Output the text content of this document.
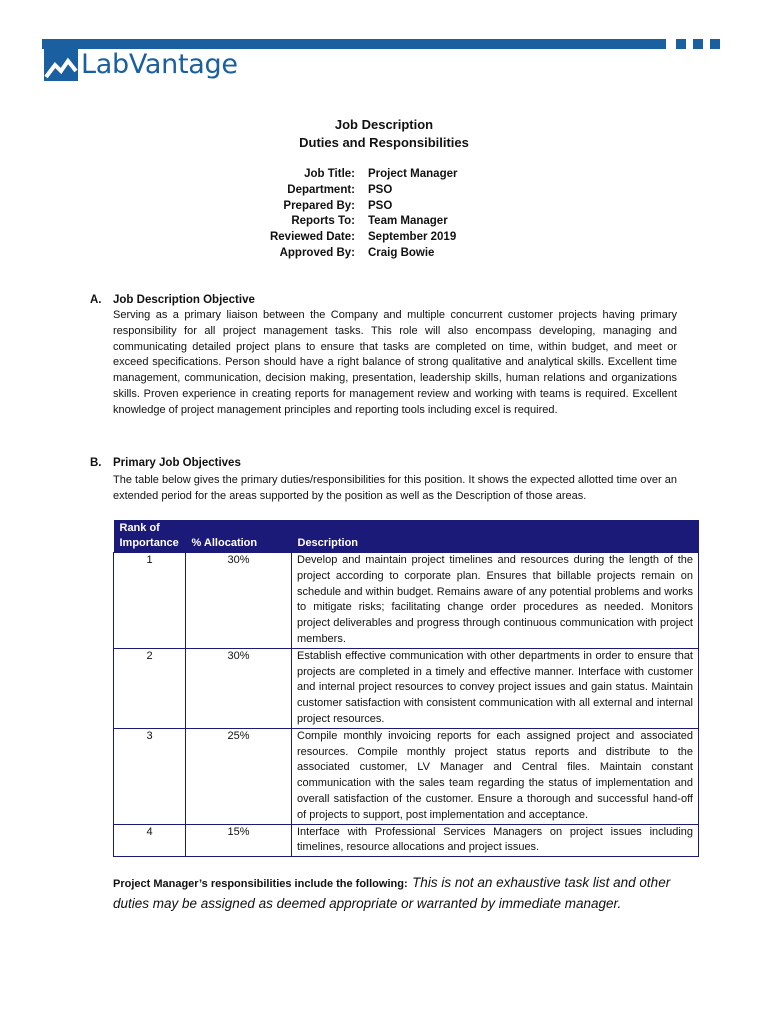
LabVantage
Job Description
Duties and Responsibilities
Job Title: Project Manager
Department: PSO
Prepared By: PSO
Reports To: Team Manager
Reviewed Date: September 2019
Approved By: Craig Bowie
A. Job Description Objective
Serving as a primary liaison between the Company and multiple concurrent customer projects having primary responsibility for all project management tasks. This role will also encompass developing, managing and communicating detailed project plans to ensure that tasks are completed on time, within budget, and meet or exceed specifications. Person should have a right balance of strong qualitative and analytical skills. Excellent time management, communication, decision making, presentation, leadership skills, human relations and organizations skills. Proven experience in creating reports for management review and working with teams is required. Excellent knowledge of project management principles and reporting tools including excel is required.
B. Primary Job Objectives
The table below gives the primary duties/responsibilities for this position. It shows the expected allotted time over an extended period for the areas supported by the position as well as the Description of those areas.
Rank of Importance	% Allocation	Description
1	30%	Develop and maintain project timelines and resources during the length of the project according to corporate plan. Ensures that billable projects remain on schedule and within budget. Remains aware of any potential problems and works to mitigate risks; facilitating change order procedures as needed. Monitors project deliverables and progress through continuous communication with project members.
2	30%	Establish effective communication with other departments in order to ensure that projects are completed in a timely and effective manner. Interface with customer and internal project resources to convey project issues and gain status. Maintain customer satisfaction with consistent communication with all external and internal project resources.
3	25%	Compile monthly invoicing reports for each assigned project and associated resources. Compile monthly project status reports and distribute to the associated customer, LV Manager and Central files. Maintain constant communication with the sales team regarding the status of implementation and overall satisfaction of the customer. Ensure a thorough and successful hand-off of projects to support, post implementation and acceptance.
4	15%	Interface with Professional Services Managers on project issues including timelines, resource allocations and project issues.
Project Manager’s responsibilities include the following: This is not an exhaustive task list and other duties may be assigned as deemed appropriate or warranted by immediate manager.
